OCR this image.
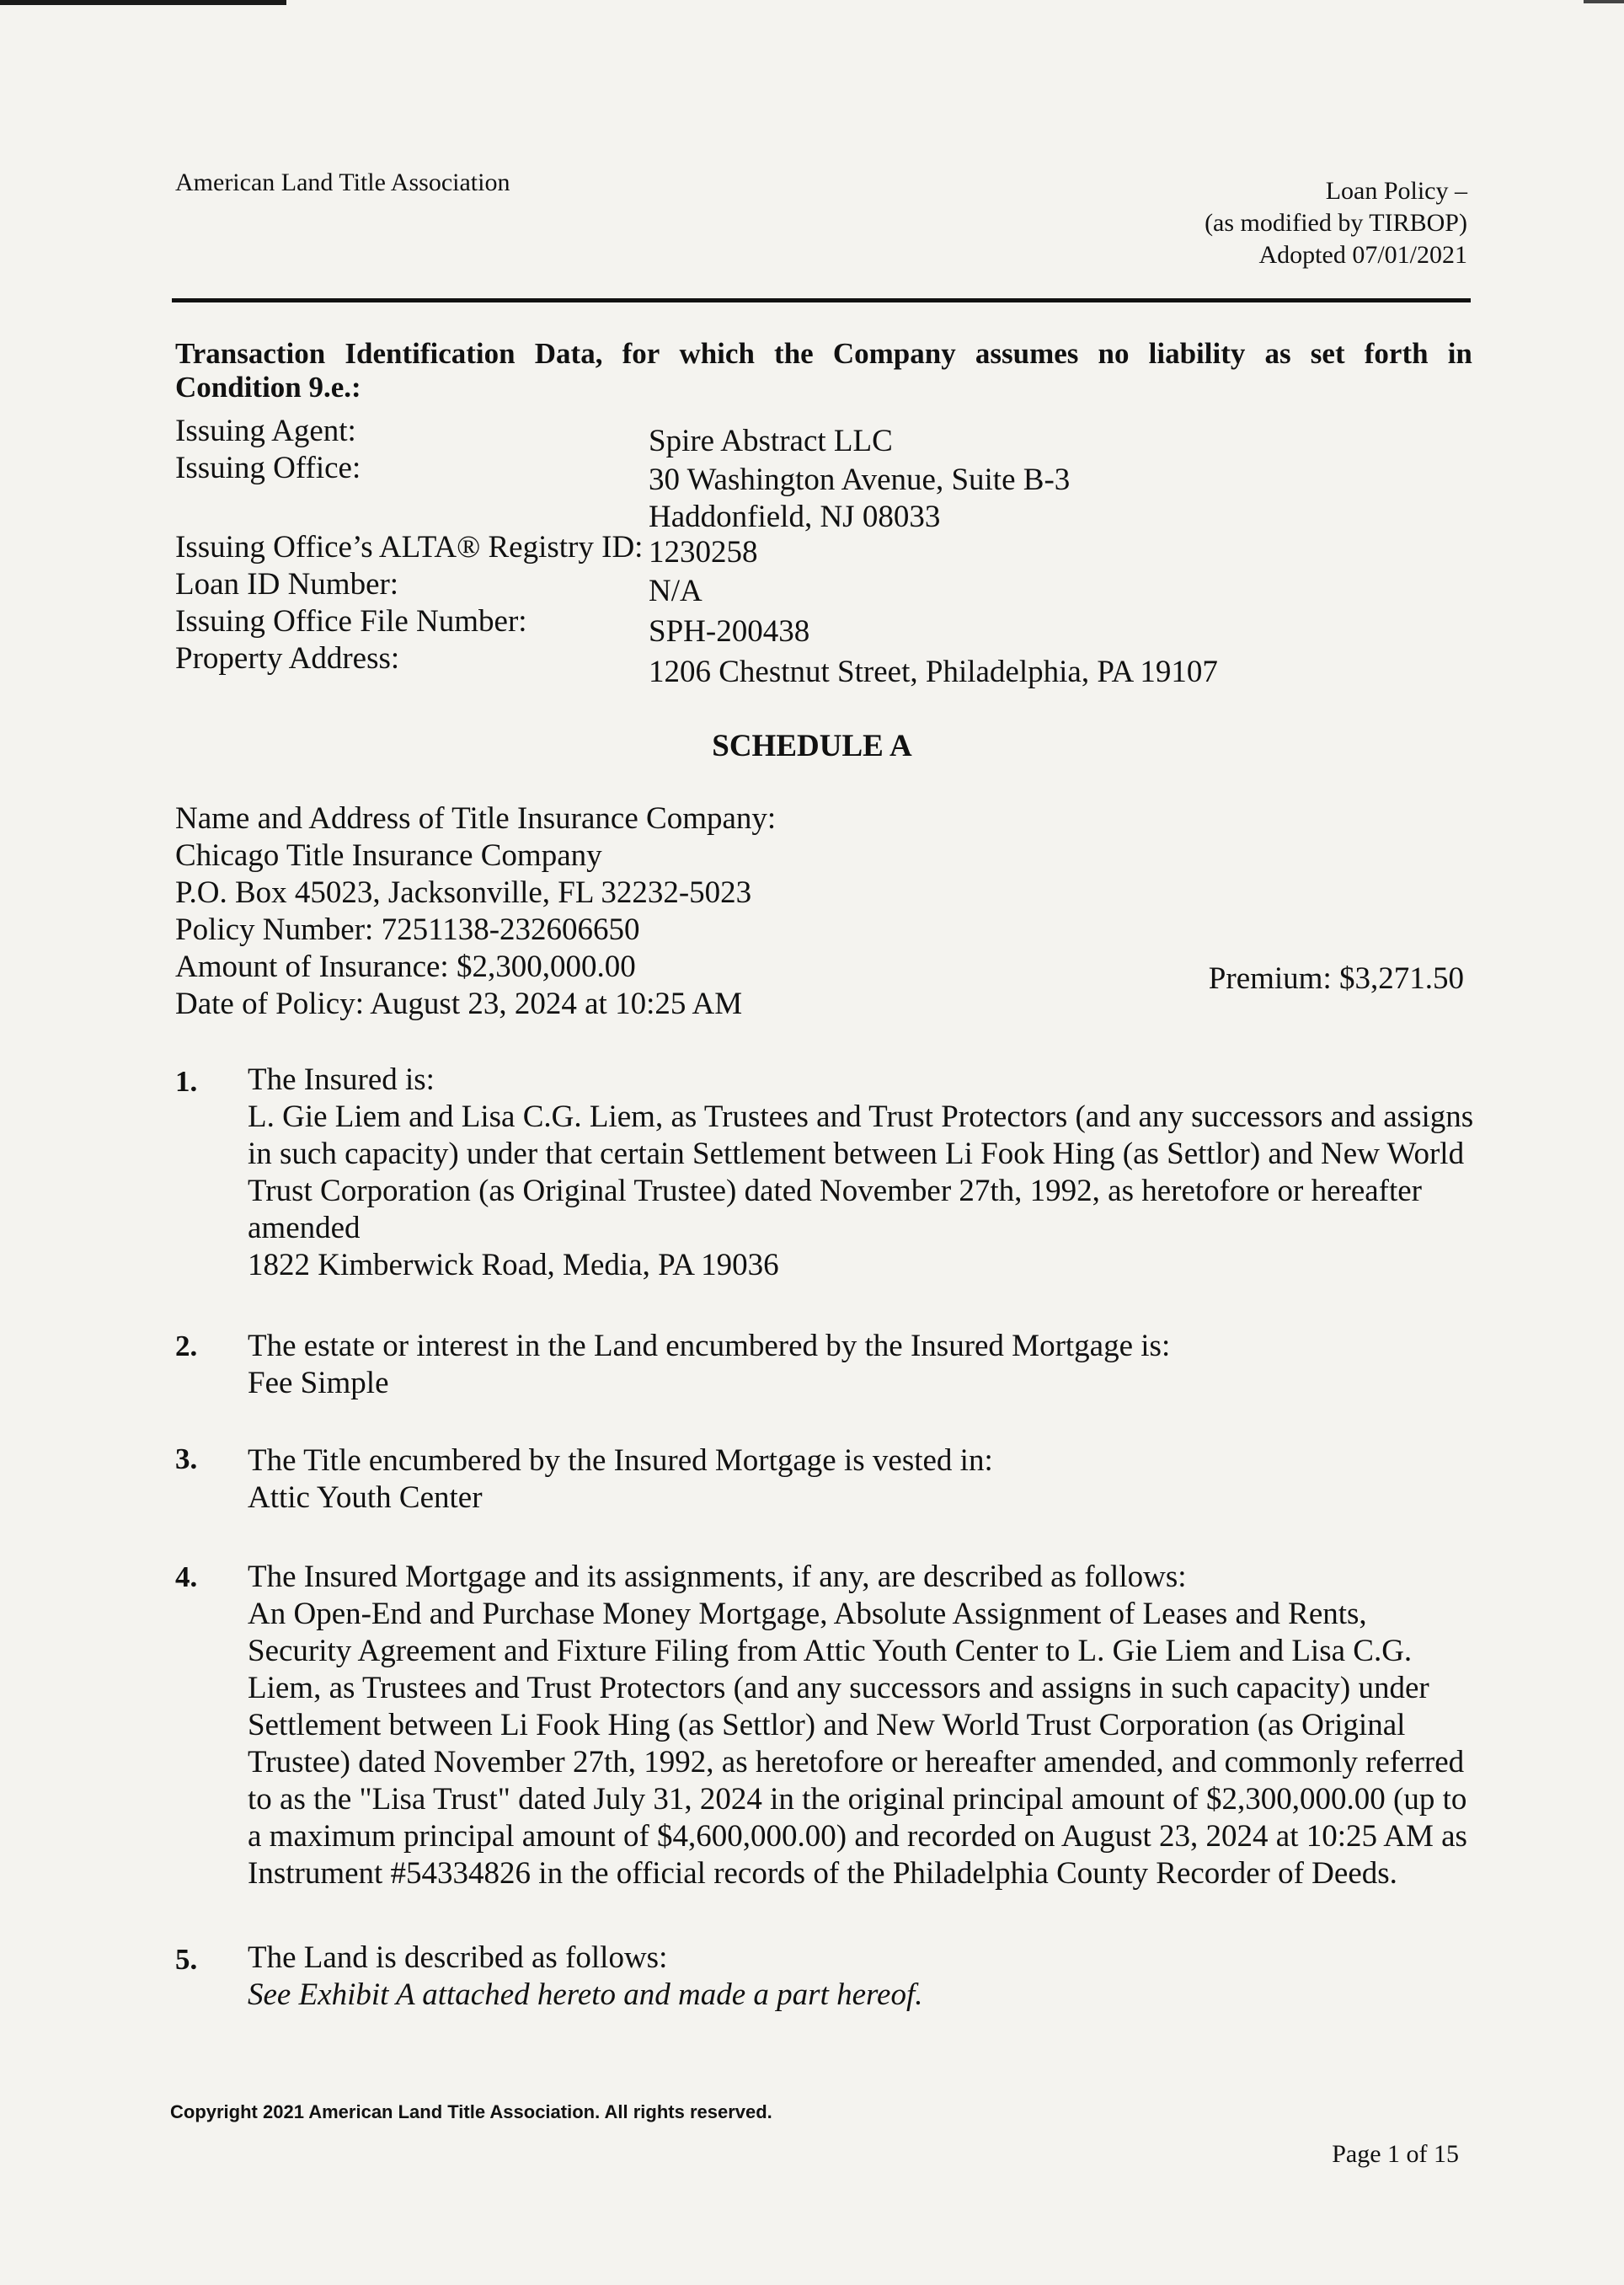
American Land Title Association	Loan Policy –
(as modified by TIRBOP)
Adopted 07/01/2021
Transaction Identification Data, for which the Company assumes no liability as set forth in
Condition 9.e.:
Issuing Agent:	Spire Abstract LLC
Issuing Office:	30 Washington Avenue, Suite B-3
Haddonfield, NJ 08033
Issuing Office’s ALTA® Registry ID: 1230258
Loan ID Number:	N/A
Issuing Office File Number:	SPH-200438
Property Address:	1206 Chestnut Street, Philadelphia, PA 19107
SCHEDULE A
Name and Address of Title Insurance Company:
Chicago Title Insurance Company
P.O. Box 45023, Jacksonville, FL 32232-5023
Policy Number: 7251138-232606650
Amount of Insurance: $2,300,000.00
Date of Policy: August 23, 2024 at 10:25 AM
Premium: $3,271.50
1. The Insured is:
L. Gie Liem and Lisa C.G. Liem, as Trustees and Trust Protectors (and any successors and assigns in such capacity) under that certain Settlement between Li Fook Hing (as Settlor) and New World Trust Corporation (as Original Trustee) dated November 27th, 1992, as heretofore or hereafter amended
1822 Kimberwick Road, Media, PA 19036
2. The estate or interest in the Land encumbered by the Insured Mortgage is:
Fee Simple
3. The Title encumbered by the Insured Mortgage is vested in:
Attic Youth Center
4. The Insured Mortgage and its assignments, if any, are described as follows:
An Open-End and Purchase Money Mortgage, Absolute Assignment of Leases and Rents, Security Agreement and Fixture Filing from Attic Youth Center to L. Gie Liem and Lisa C.G. Liem, as Trustees and Trust Protectors (and any successors and assigns in such capacity) under Settlement between Li Fook Hing (as Settlor) and New World Trust Corporation (as Original Trustee) dated November 27th, 1992, as heretofore or hereafter amended, and commonly referred to as the "Lisa Trust" dated July 31, 2024 in the original principal amount of $2,300,000.00 (up to a maximum principal amount of $4,600,000.00) and recorded on August 23, 2024 at 10:25 AM as Instrument #54334826 in the official records of the Philadelphia County Recorder of Deeds.
5. The Land is described as follows:
See Exhibit A attached hereto and made a part hereof.
Copyright 2021 American Land Title Association. All rights reserved.
Page 1 of 15
